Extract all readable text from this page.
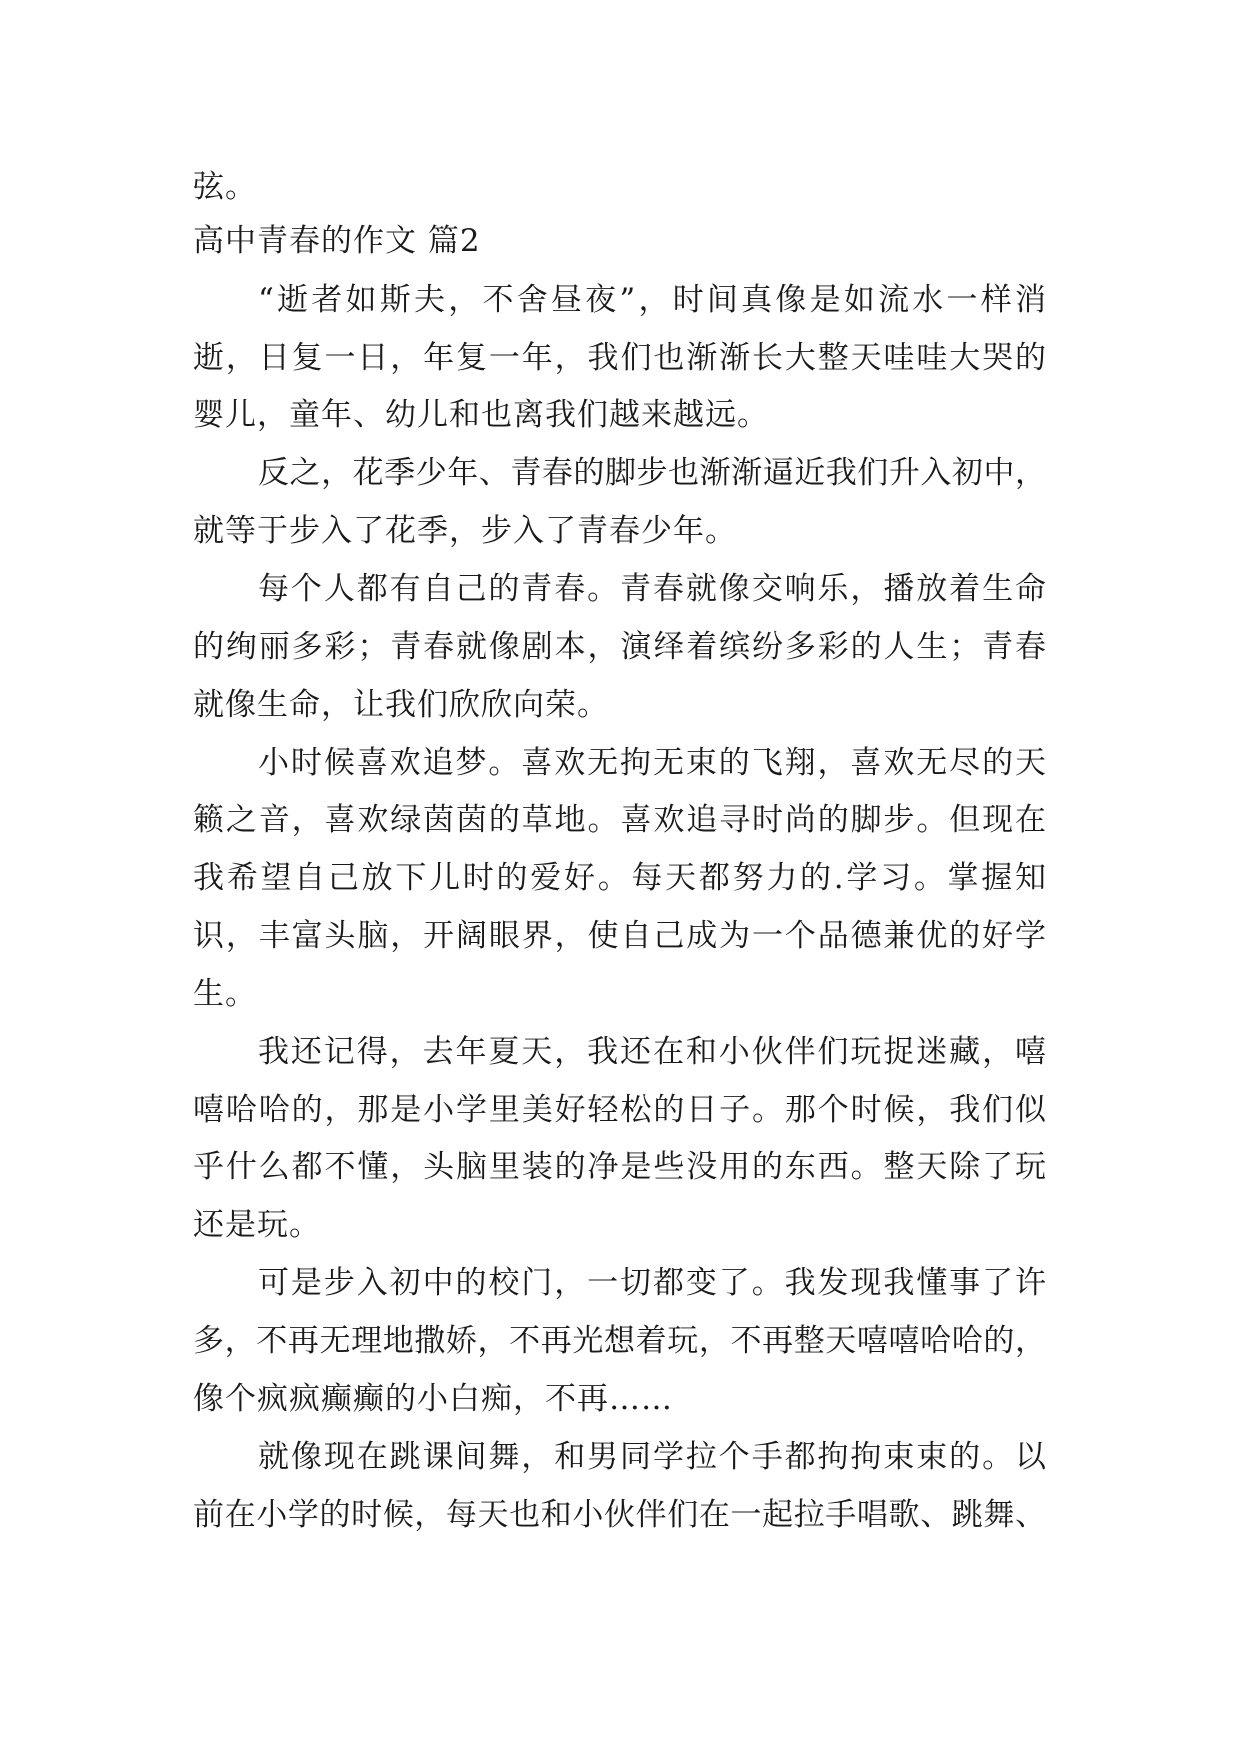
弦。
高中青春的作文 篇2
“逝者如斯夫，不舍昼夜”，时间真像是如流水一样消
逝，日复一日，年复一年，我们也渐渐长大整天哇哇大哭的
婴儿，童年、幼儿和也离我们越来越远。
反之，花季少年、青春的脚步也渐渐逼近我们升入初中，
就等于步入了花季，步入了青春少年。
每个人都有自己的青春。青春就像交响乐，播放着生命
的绚丽多彩；青春就像剧本，演绎着缤纷多彩的人生；青春
就像生命，让我们欣欣向荣。
小时候喜欢追梦。喜欢无拘无束的飞翔，喜欢无尽的天
籁之音，喜欢绿茵茵的草地。喜欢追寻时尚的脚步。但现在
我希望自己放下儿时的爱好。每天都努力的.学习。掌握知
识，丰富头脑，开阔眼界，使自己成为一个品德兼优的好学
生。
我还记得，去年夏天，我还在和小伙伴们玩捉迷藏，嘻
嘻哈哈的，那是小学里美好轻松的日子。那个时候，我们似
乎什么都不懂，头脑里装的净是些没用的东西。整天除了玩
还是玩。
可是步入初中的校门，一切都变了。我发现我懂事了许
多，不再无理地撒娇，不再光想着玩，不再整天嘻嘻哈哈的，
像个疯疯癫癫的小白痴，不再……
就像现在跳课间舞，和男同学拉个手都拘拘束束的。以
前在小学的时候，每天也和小伙伴们在一起拉手唱歌、跳舞、
